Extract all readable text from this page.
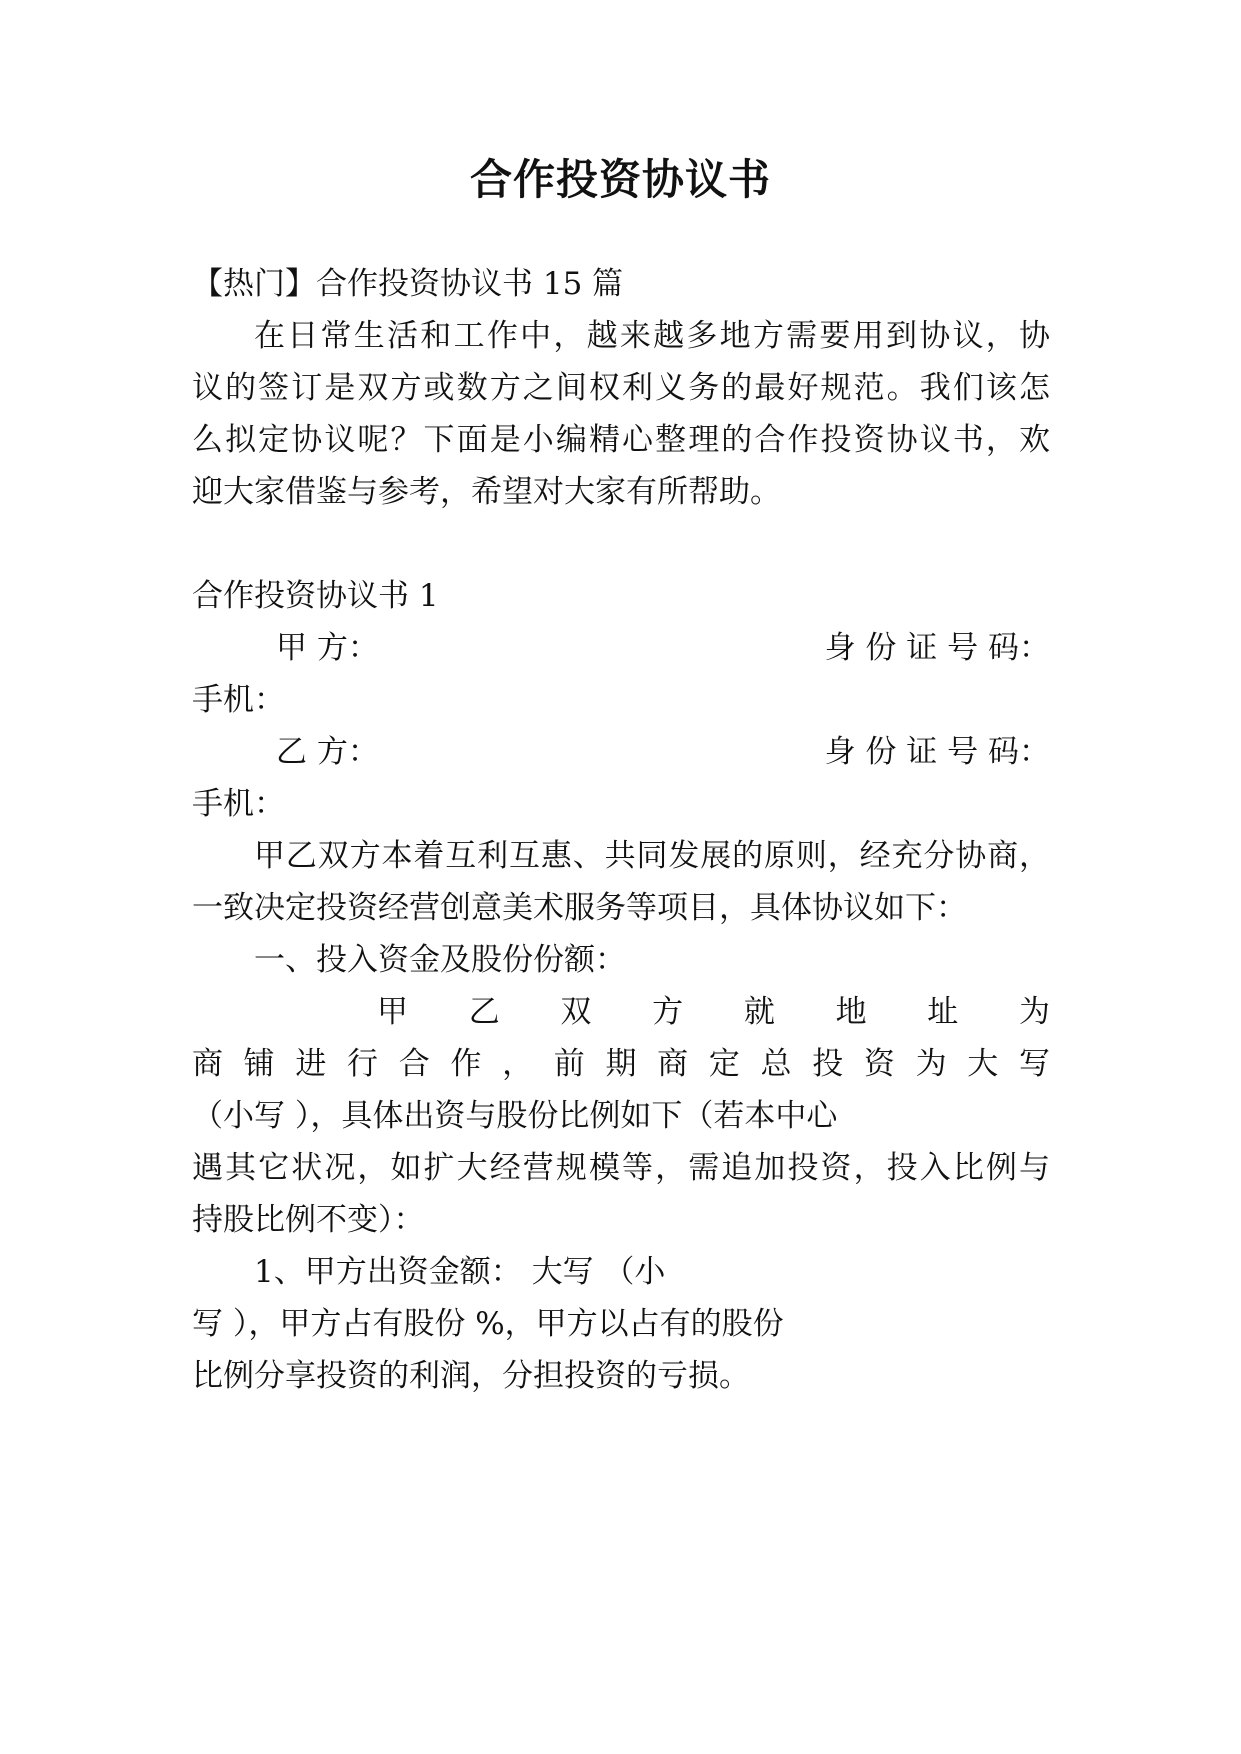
合作投资协议书
【热门】合作投资协议书 15 篇
在日常生活和工作中，越来越多地方需要用到协议，协
议的签订是双方或数方之间权利义务的最好规范。我们该怎
么拟定协议呢？下面是小编精心整理的合作投资协议书，欢
迎大家借鉴与参考，希望对大家有所帮助。
合作投资协议书 1
甲 方：	身 份 证 号 码：
手机：
乙 方：	身 份 证 号 码：
手机：
甲乙双方本着互利互惠、共同发展的原则，经充分协商，
一致决定投资经营创意美术服务等项目，具体协议如下：
一、投入资金及股份份额：
甲 乙 双 方 就 地 址 为
商 铺 进 行 合 作 ， 前 期 商 定 总 投 资 为 大 写
（小写 ），具体出资与股份比例如下（若本中心
遇其它状况，如扩大经营规模等，需追加投资，投入比例与
持股比例不变）：
1、甲方出资金额： 大写 （小
写 ），甲方占有股份 %，甲方以占有的股份
比例分享投资的利润，分担投资的亏损。
